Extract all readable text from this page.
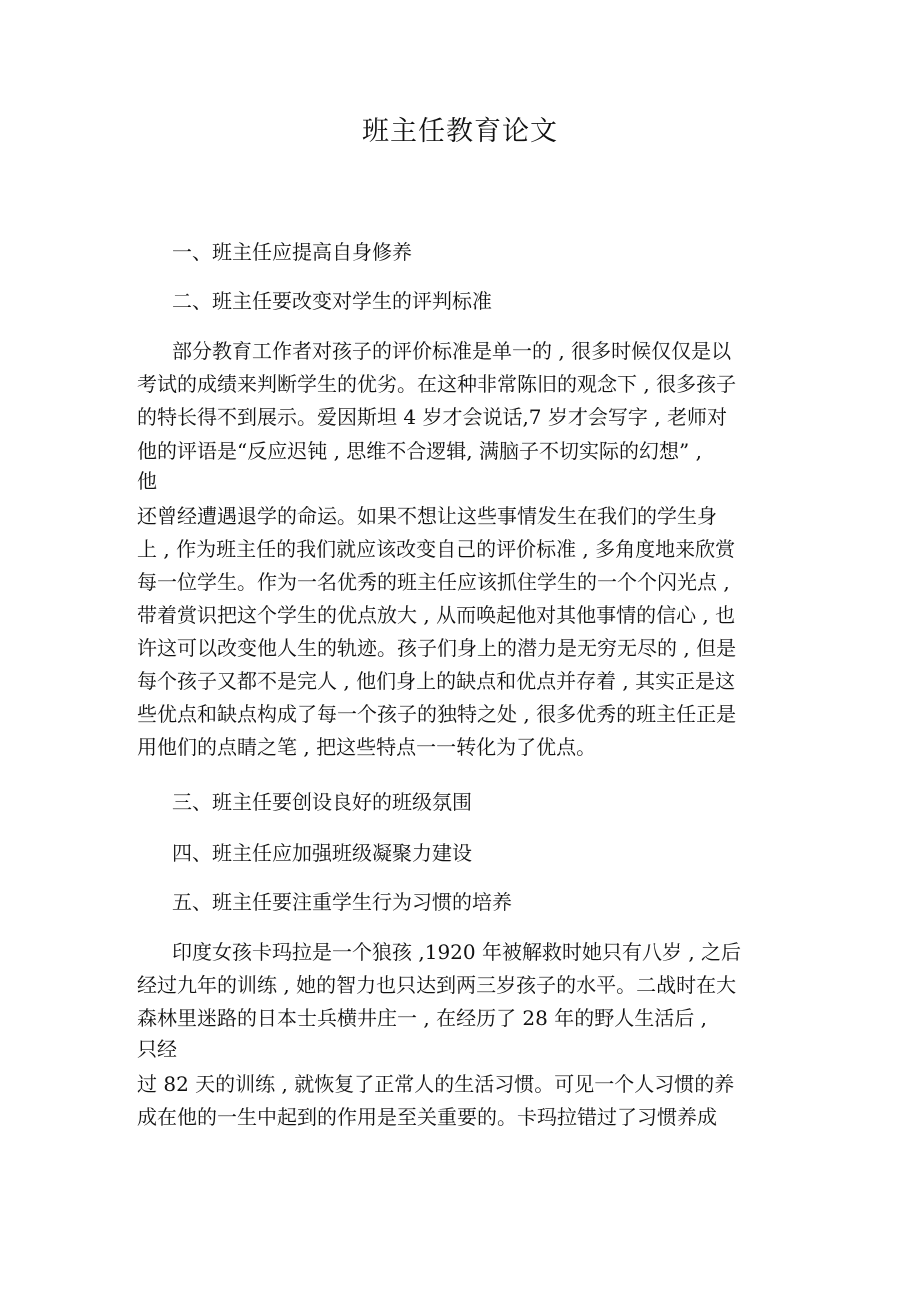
班主任教育论文

一、班主任应提高自身修养

二、班主任要改变对学生的评判标准

部分教育工作者对孩子的评价标准是单一的 , 很多时候仅仅是以

考试的成绩来判断学生的优劣。在这种非常陈旧的观念下 , 很多孩子

的特长得不到展示。爱因斯坦 4 岁才会说话,7 岁才会写字 , 老师对

他的评语是“反应迟钝 , 思维不合逻辑, 满脑子不切实际的幻想” ,

他

还曾经遭遇退学的命运。如果不想让这些事情发生在我们的学生身

上 , 作为班主任的我们就应该改变自己的评价标准 , 多角度地来欣赏

每一位学生。作为一名优秀的班主任应该抓住学生的一个个闪光点 ,

带着赏识把这个学生的优点放大 , 从而唤起他对其他事情的信心 , 也

许这可以改变他人生的轨迹。孩子们身上的潜力是无穷无尽的 , 但是

每个孩子又都不是完人 , 他们身上的缺点和优点并存着 , 其实正是这

些优点和缺点构成了每一个孩子的独特之处 , 很多优秀的班主任正是

用他们的点睛之笔 , 把这些特点一一转化为了优点。

三、班主任要创设良好的班级氛围

四、班主任应加强班级凝聚力建设

五、班主任要注重学生行为习惯的培养

印度女孩卡玛拉是一个狼孩 ,1920 年被解救时她只有八岁 , 之后

经过九年的训练 , 她的智力也只达到两三岁孩子的水平。二战时在大

森林里迷路的日本士兵横井庄一 , 在经历了 28 年的野人生活后 ,

只经

过 82 天的训练 , 就恢复了正常人的生活习惯。可见一个人习惯的养

成在他的一生中起到的作用是至关重要的。卡玛拉错过了习惯养成
